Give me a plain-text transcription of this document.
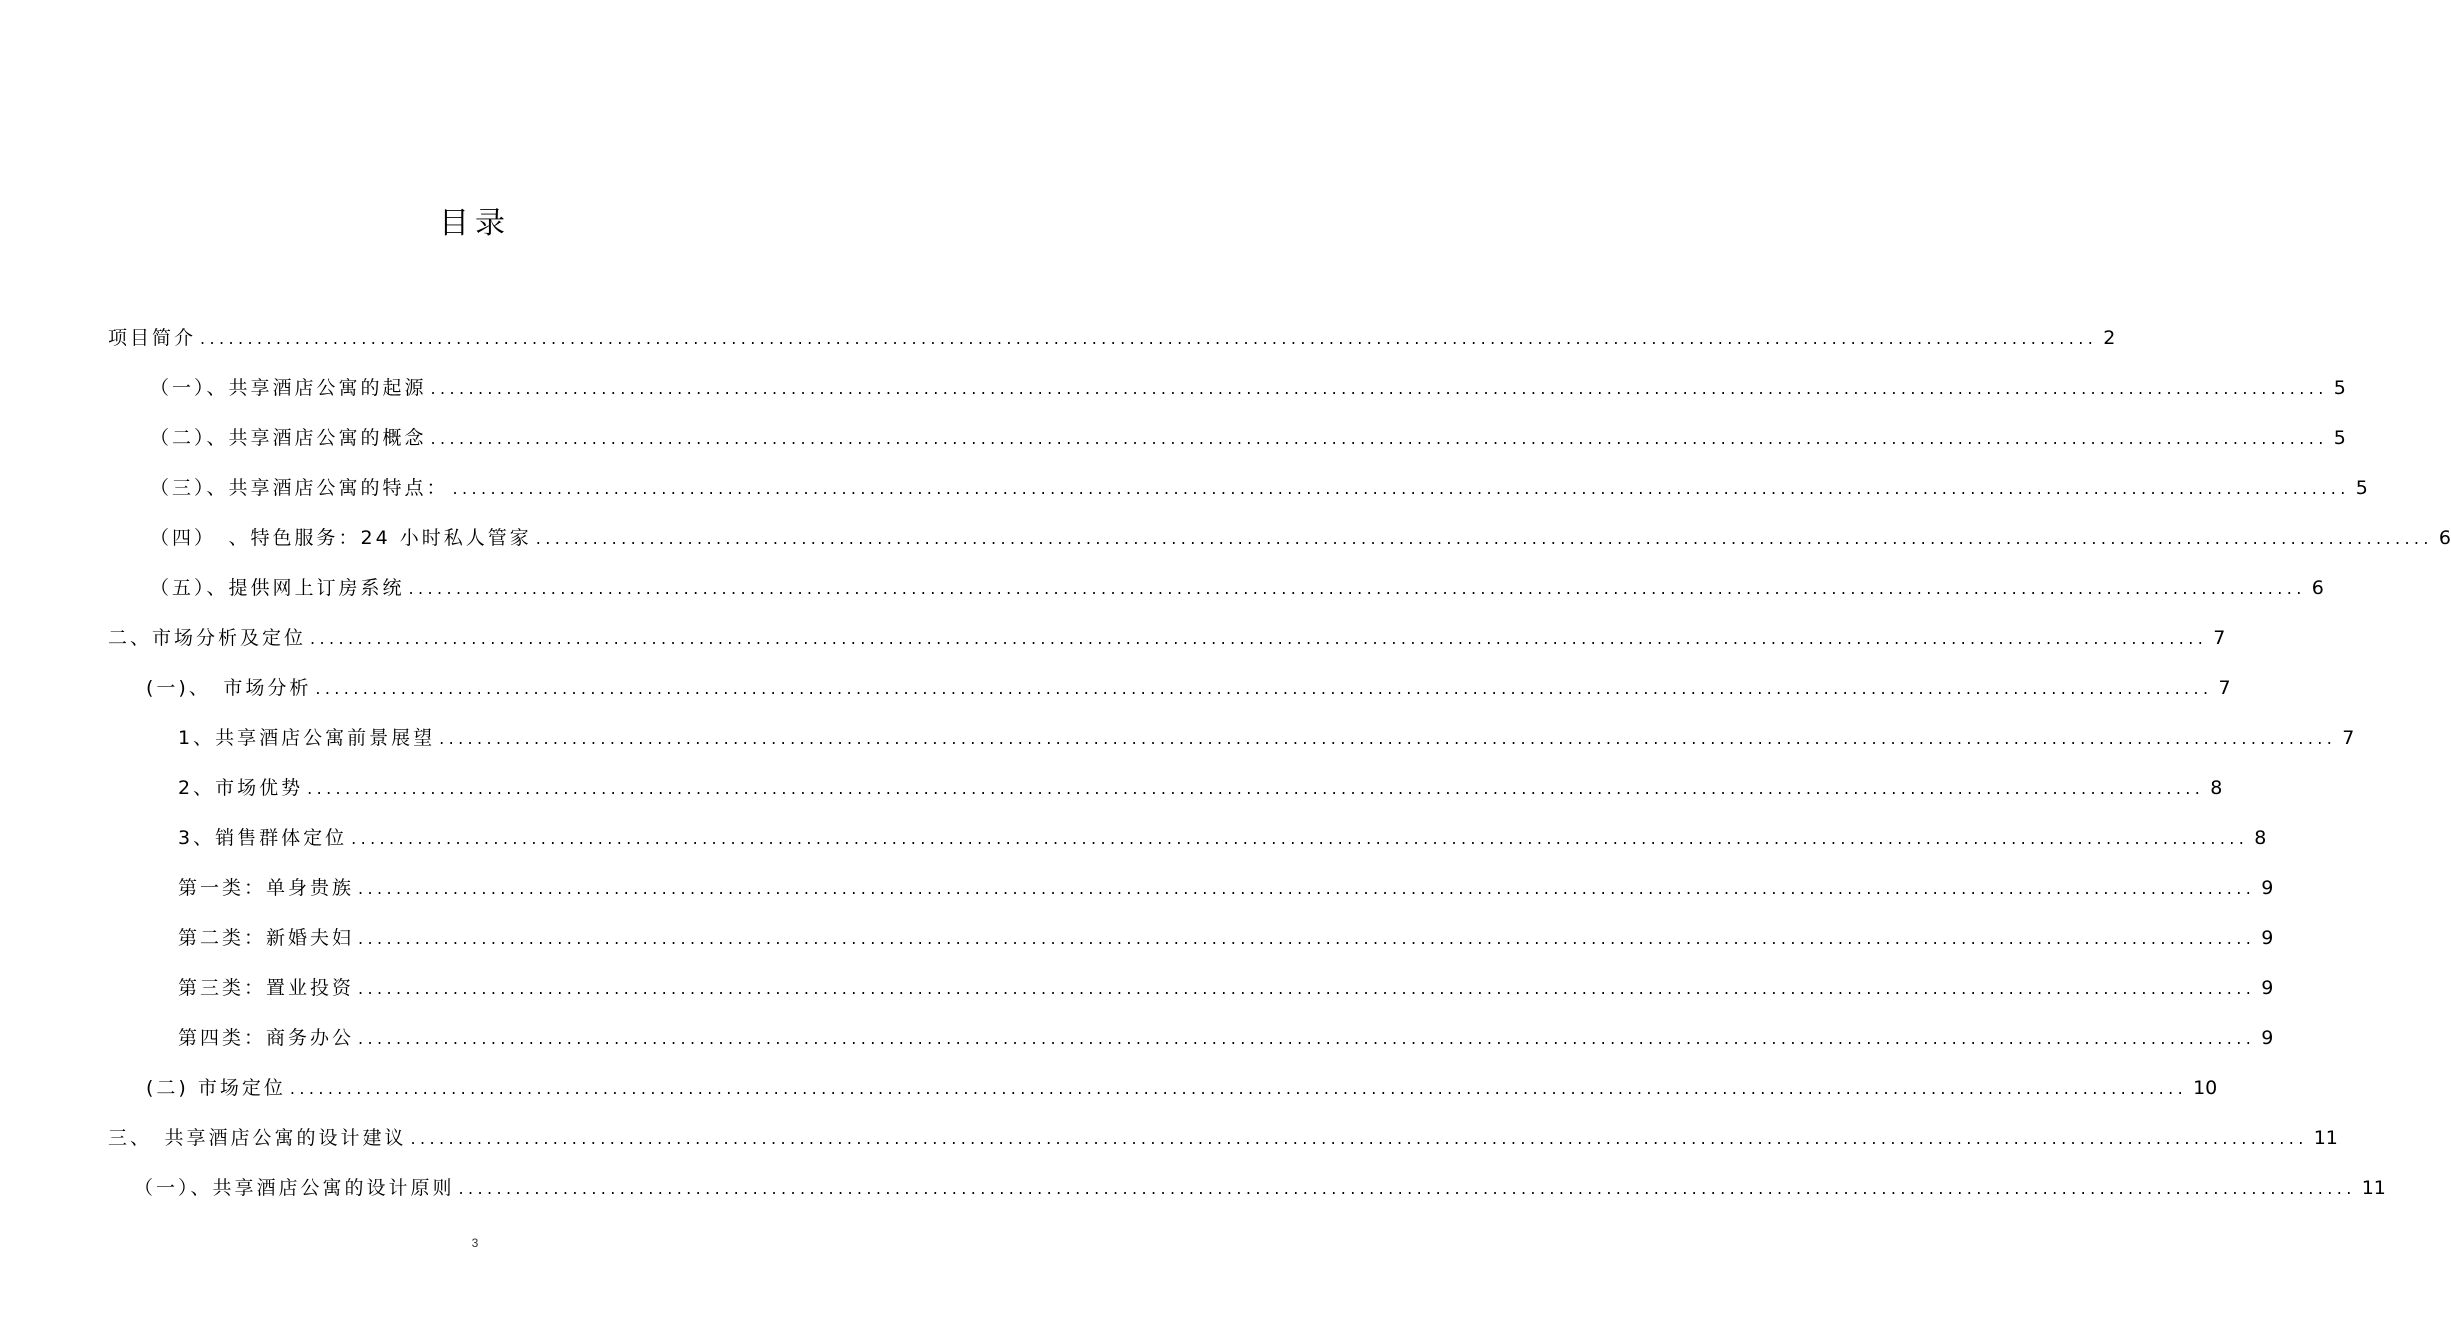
目录
项目简介 ........................................................................................................................................................................................................ 2
（一）、共享酒店公寓的起源 ........................................................................................................................................................................................................ 5
（二）、共享酒店公寓的概念 ........................................................................................................................................................................................................ 5
（三）、共享酒店公寓的特点： ........................................................................................................................................................................................................ 5
（四）　、特色服务：24 小时私人管家 ........................................................................................................................................................................................................ 6
（五）、提供网上订房系统 ........................................................................................................................................................................................................ 6
二、市场分析及定位 ........................................................................................................................................................................................................ 7
(一)、　市场分析 ........................................................................................................................................................................................................ 7
1、共享酒店公寓前景展望 ........................................................................................................................................................................................................ 7
2、市场优势 ........................................................................................................................................................................................................ 8
3、销售群体定位 ........................................................................................................................................................................................................ 8
第一类：单身贵族 ........................................................................................................................................................................................................ 9
第二类：新婚夫妇 ........................................................................................................................................................................................................ 9
第三类：置业投资 ........................................................................................................................................................................................................ 9
第四类：商务办公 ........................................................................................................................................................................................................ 9
(二) 市场定位 ........................................................................................................................................................................................................ 10
三、　共享酒店公寓的设计建议 ........................................................................................................................................................................................................ 11
（一）、共享酒店公寓的设计原则 ........................................................................................................................................................................................................ 11
3
